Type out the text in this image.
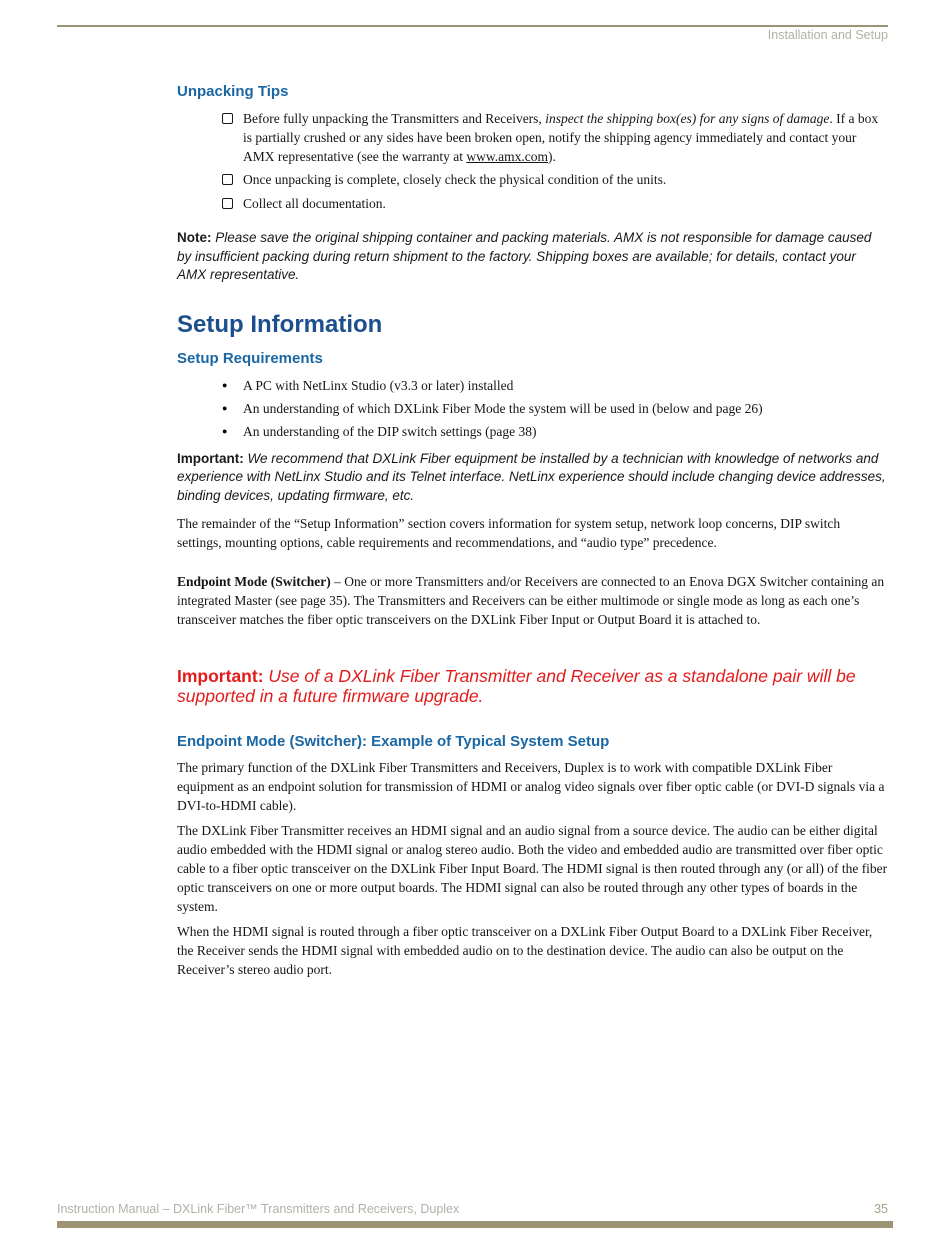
Installation and Setup
Unpacking Tips
Before fully unpacking the Transmitters and Receivers, inspect the shipping box(es) for any signs of damage. If a box is partially crushed or any sides have been broken open, notify the shipping agency immediately and contact your AMX representative (see the warranty at www.amx.com).
Once unpacking is complete, closely check the physical condition of the units.
Collect all documentation.

Note: Please save the original shipping container and packing materials. AMX is not responsible for damage caused by insufficient packing during return shipment to the factory. Shipping boxes are available; for details, contact your AMX representative.

Setup Information
Setup Requirements
●	A PC with NetLinx Studio (v3.3 or later) installed
●	An understanding of which DXLink Fiber Mode the system will be used in (below and page 26)
●	An understanding of the DIP switch settings (page 38)

Important: We recommend that DXLink Fiber equipment be installed by a technician with knowledge of networks and experience with NetLinx Studio and its Telnet interface. NetLinx experience should include changing device addresses, binding devices, updating firmware, etc.

The remainder of the “Setup Information” section covers information for system setup, network loop concerns, DIP switch settings, mounting options, cable requirements and recommendations, and “audio type” precedence.

Endpoint Mode (Switcher) – One or more Transmitters and/or Receivers are connected to an Enova DGX Switcher containing an integrated Master (see page 35). The Transmitters and Receivers can be either multimode or single mode as long as each one’s transceiver matches the fiber optic transceivers on the DXLink Fiber Input or Output Board it is attached to.

Important: Use of a DXLink Fiber Transmitter and Receiver as a standalone pair will be supported in a future firmware upgrade.

Endpoint Mode (Switcher): Example of Typical System Setup

The primary function of the DXLink Fiber Transmitters and Receivers, Duplex is to work with compatible DXLink Fiber equipment as an endpoint solution for transmission of HDMI or analog video signals over fiber optic cable (or DVI-D signals via a DVI-to-HDMI cable).

The DXLink Fiber Transmitter receives an HDMI signal and an audio signal from a source device. The audio can be either digital audio embedded with the HDMI signal or analog stereo audio. Both the video and embedded audio are transmitted over fiber optic cable to a fiber optic transceiver on the DXLink Fiber Input Board. The HDMI signal is then routed through any (or all) of the fiber optic transceivers on one or more output boards. The HDMI signal can also be routed through any other types of boards in the system.

When the HDMI signal is routed through a fiber optic transceiver on a DXLink Fiber Output Board to a DXLink Fiber Receiver, the Receiver sends the HDMI signal with embedded audio on to the destination device. The audio can also be output on the Receiver’s stereo audio port.

Instruction Manual – DXLink Fiber™ Transmitters and Receivers, Duplex	35
